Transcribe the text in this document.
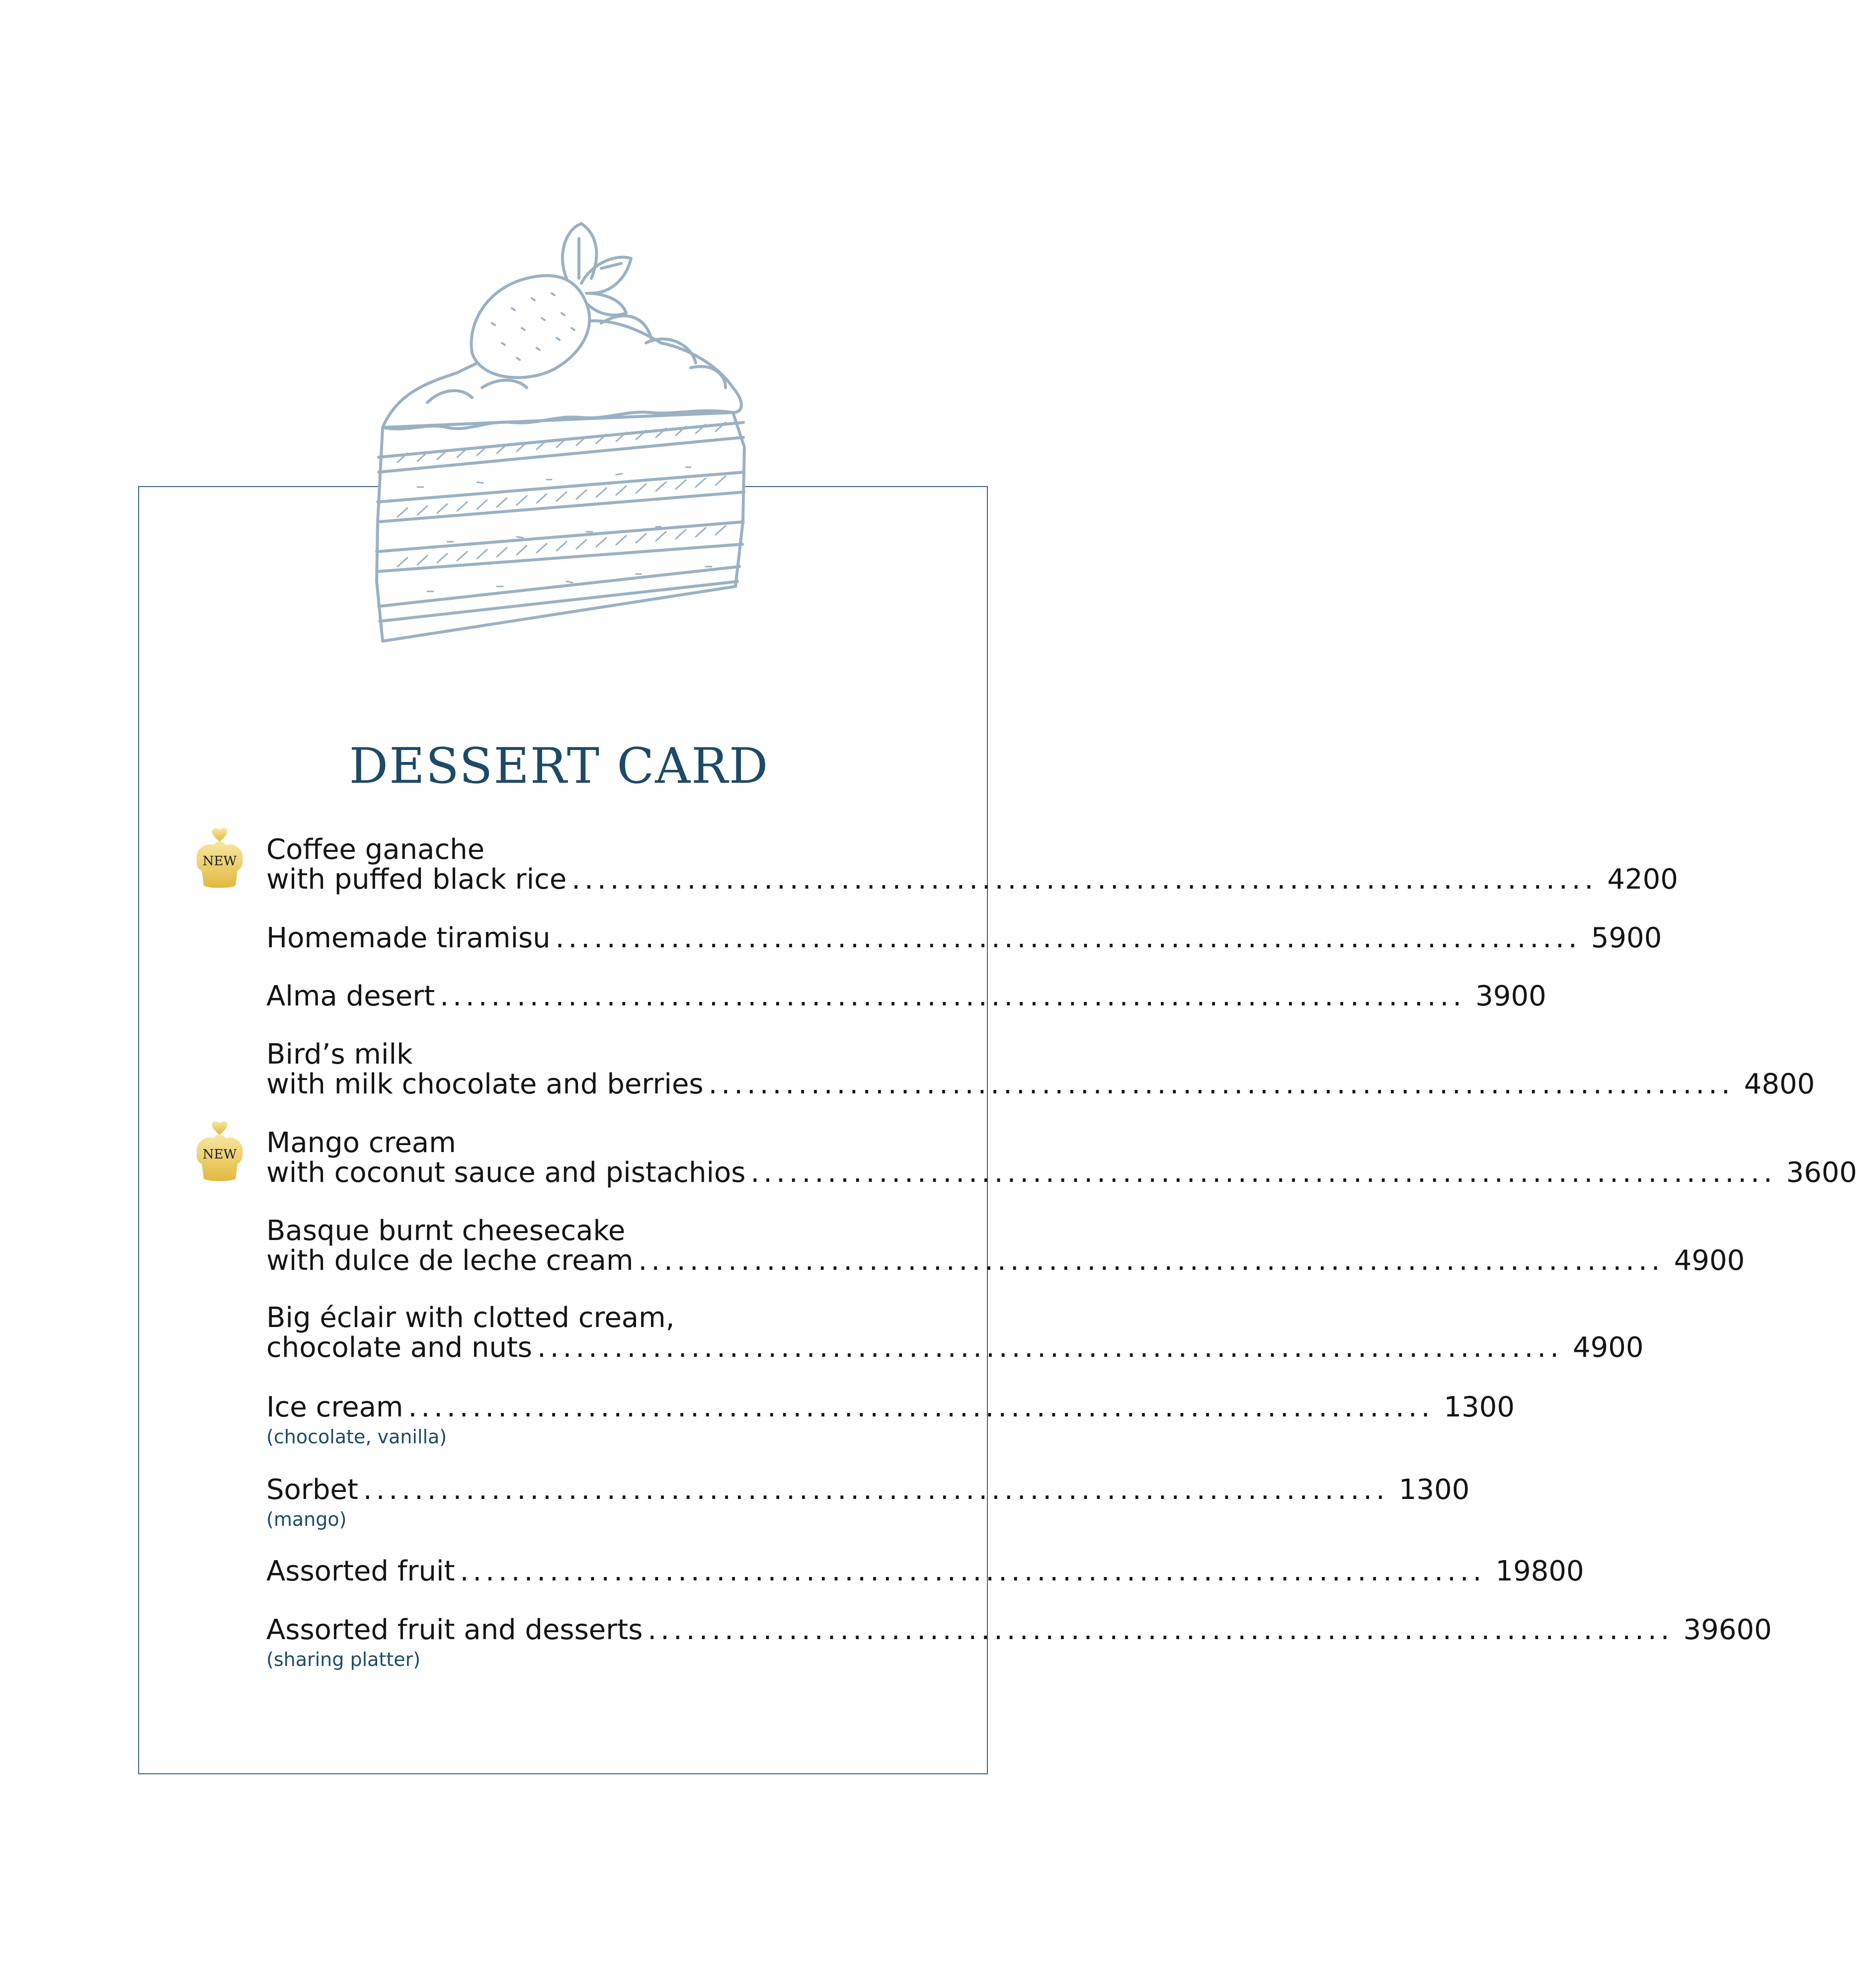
DESSERT CARD
Coffee ganache
with puffed black rice ................................................................................ 4200
Homemade tiramisu ................................................................................ 5900
Alma desert ................................................................................ 3900
Bird’s milk
with milk chocolate and berries ................................................................................ 4800
Mango cream
with coconut sauce and pistachios ................................................................................ 3600
Basque burnt cheesecake
with dulce de leche cream ................................................................................ 4900
Big éclair with clotted cream,
chocolate and nuts ................................................................................ 4900
Ice cream ................................................................................ 1300
(chocolate, vanilla)
Sorbet ................................................................................ 1300
(mango)
Assorted fruit ................................................................................ 19800
Assorted fruit and desserts ................................................................................ 39600
(sharing platter)
NEW
NEW
